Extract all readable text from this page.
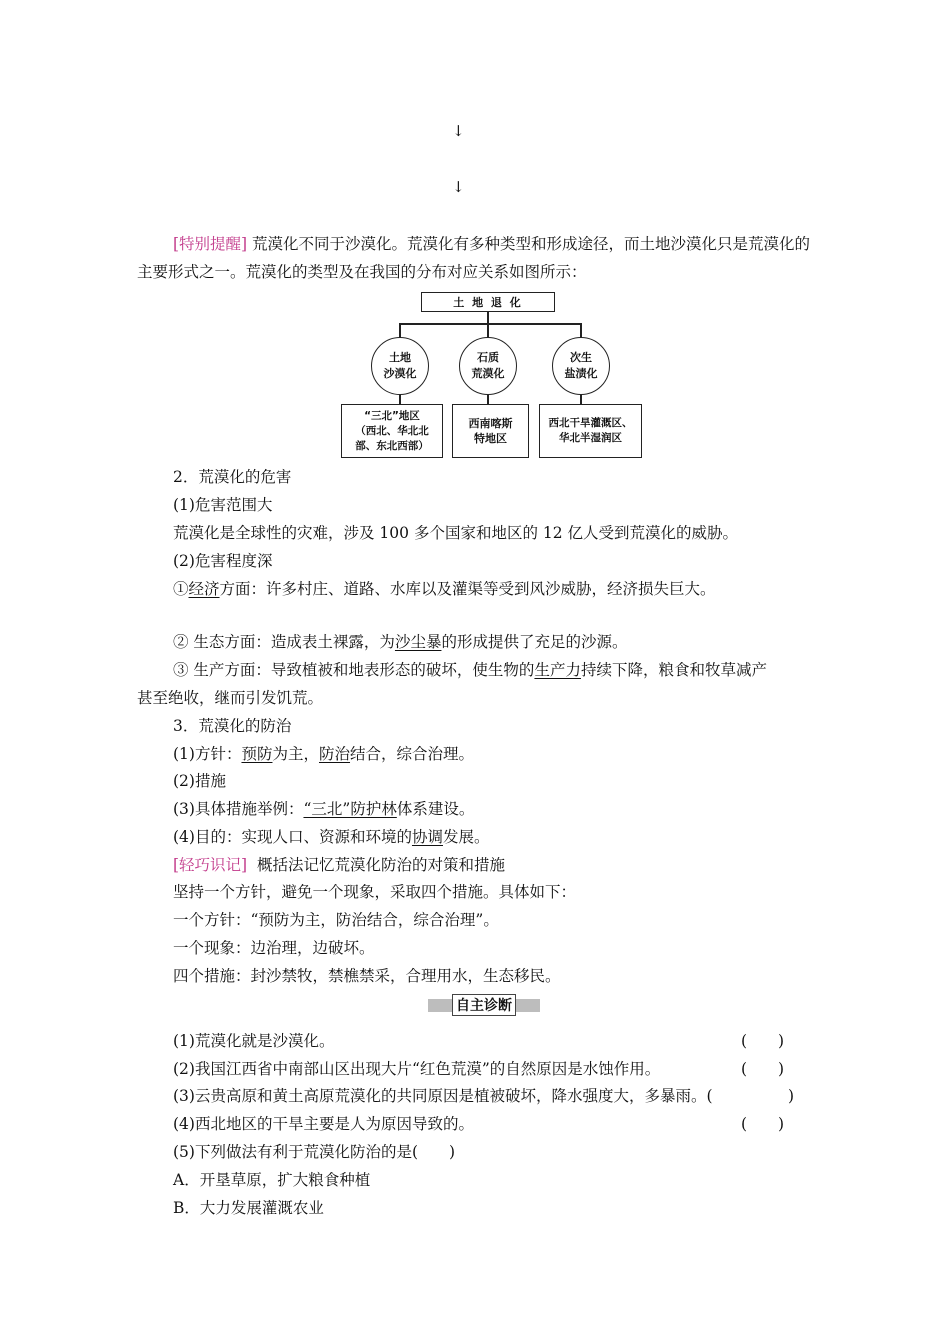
↓
↓
[特别提醒] 荒漠化不同于沙漠化。荒漠化有多种类型和形成途径，而土地沙漠化只是荒漠化的主要形式之一。荒漠化的类型及在我国的分布对应关系如图所示：
土 地 退 化
土地
沙漠化
石质
荒漠化
次生
盐渍化
“三北”地区
（西北、华北北
部、东北西部）
西南喀斯
特地区
西北干旱灌溉区、
华北半湿润区
2．荒漠化的危害
(1)危害范围大
荒漠化是全球性的灾难，涉及 100 多个国家和地区的 12 亿人受到荒漠化的威胁。
(2)危害程度深
①经济方面：许多村庄、道路、水库以及灌渠等受到风沙威胁，经济损失巨大。
② 生态方面：造成表土裸露，为沙尘暴的形成提供了充足的沙源。
③ 生产方面：导致植被和地表形态的破坏，使生物的生产力持续下降，粮食和牧草减产
甚至绝收，继而引发饥荒。
3．荒漠化的防治
(1)方针：预防为主，防治结合，综合治理。
(2)措施
(3)具体措施举例：“三北”防护林体系建设。
(4)目的：实现人口、资源和环境的协调发展。
[轻巧识记] 概括法记忆荒漠化防治的对策和措施
坚持一个方针，避免一个现象，采取四个措施。具体如下：
一个方针：“预防为主，防治结合，综合治理”。
一个现象：边治理，边破坏。
四个措施：封沙禁牧，禁樵禁采，合理用水，生态移民。
自主诊断
(1)荒漠化就是沙漠化。	(　　)
(2)我国江西省中南部山区出现大片“红色荒漠”的自然原因是水蚀作用。	(　　)
(3)云贵高原和黄土高原荒漠化的共同原因是植被破坏，降水强度大，多暴雨。(	)
(4)西北地区的干旱主要是人为原因导致的。	(　　)
(5)下列做法有利于荒漠化防治的是(　　)
A．开垦草原，扩大粮食种植
B．大力发展灌溉农业
